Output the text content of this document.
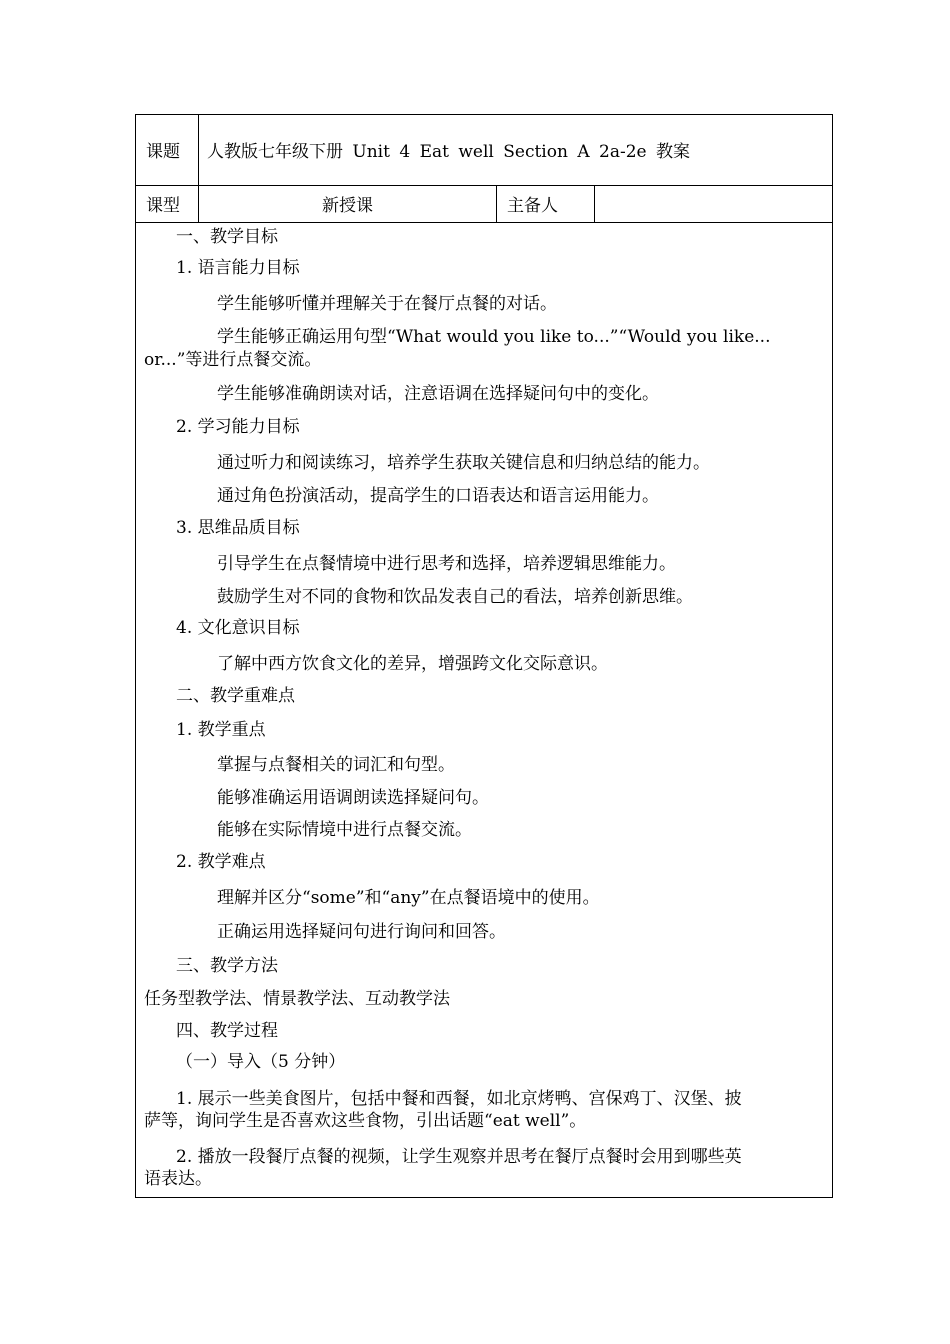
课题	人教版七年级下册 Unit 4 Eat well Section A 2a-2e 教案
课型	新授课	主备人
一、教学目标
1. 语言能力目标
学生能够听懂并理解关于在餐厅点餐的对话。
学生能够正确运用句型“What would you like to...”“Would you like...
or...”等进行点餐交流。
学生能够准确朗读对话，注意语调在选择疑问句中的变化。
2. 学习能力目标
通过听力和阅读练习，培养学生获取关键信息和归纳总结的能力。
通过角色扮演活动，提高学生的口语表达和语言运用能力。
3. 思维品质目标
引导学生在点餐情境中进行思考和选择，培养逻辑思维能力。
鼓励学生对不同的食物和饮品发表自己的看法，培养创新思维。
4. 文化意识目标
了解中西方饮食文化的差异，增强跨文化交际意识。
二、教学重难点
1. 教学重点
掌握与点餐相关的词汇和句型。
能够准确运用语调朗读选择疑问句。
能够在实际情境中进行点餐交流。
2. 教学难点
理解并区分“some”和“any”在点餐语境中的使用。
正确运用选择疑问句进行询问和回答。
三、教学方法
任务型教学法、情景教学法、互动教学法
四、教学过程
（一）导入（5 分钟）
1. 展示一些美食图片，包括中餐和西餐，如北京烤鸭、宫保鸡丁、汉堡、披
萨等，询问学生是否喜欢这些食物，引出话题“eat well”。
2. 播放一段餐厅点餐的视频，让学生观察并思考在餐厅点餐时会用到哪些英
语表达。
